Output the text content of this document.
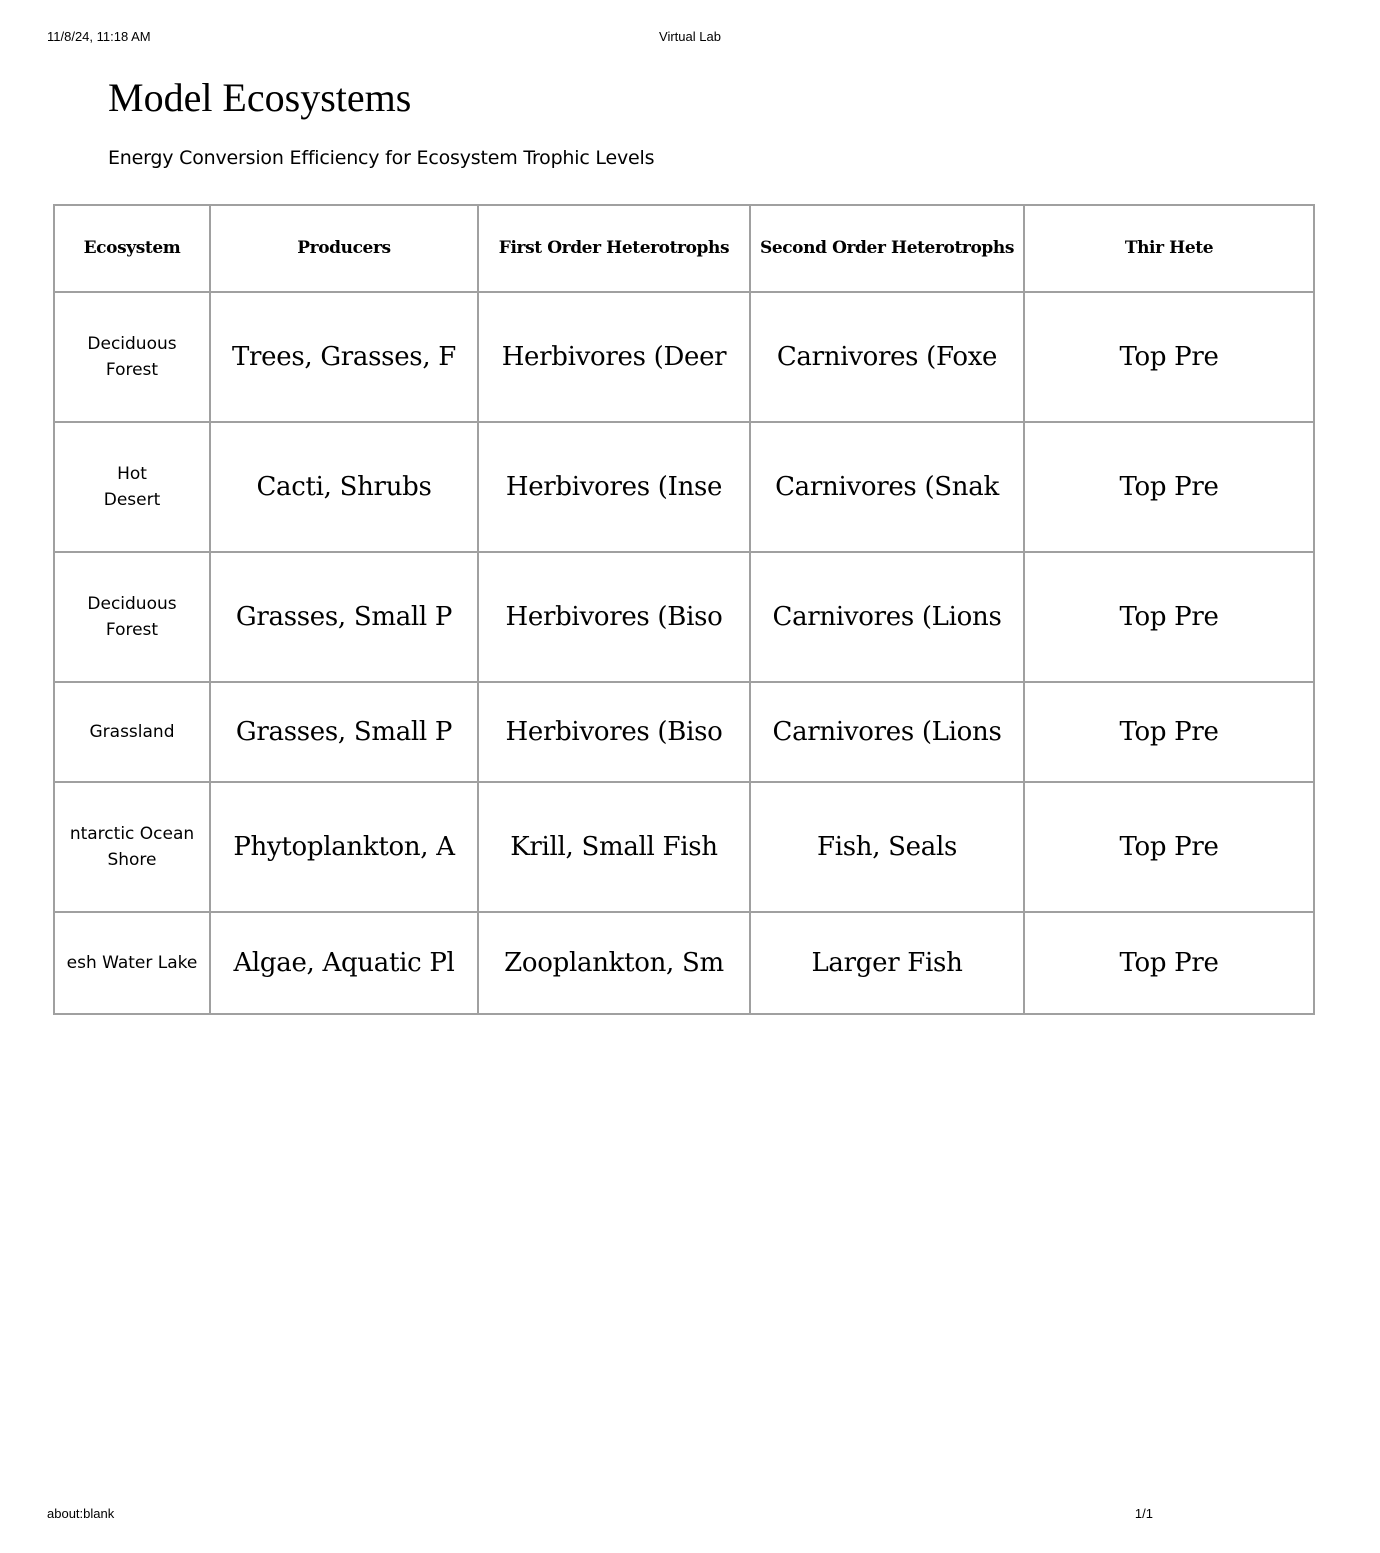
11/8/24, 11:18 AM	Virtual Lab
Model Ecosystems

Energy Conversion Efficiency for Ecosystem Trophic Levels

Ecosystem	Producers	First Order Heterotrophs	Second Order Heterotrophs	Thir Hete
Deciduous Forest	Trees, Grasses, F	Herbivores (Deer	Carnivores (Foxe	Top Pre
Hot Desert	Cacti, Shrubs	Herbivores (Inse	Carnivores (Snak	Top Pre
Deciduous Forest	Grasses, Small P	Herbivores (Biso	Carnivores (Lions	Top Pre
Grassland	Grasses, Small P	Herbivores (Biso	Carnivores (Lions	Top Pre
ntarctic Ocean Shore	Phytoplankton, A	Krill, Small Fish	Fish, Seals	Top Pre
esh Water Lake	Algae, Aquatic Pl	Zooplankton, Sm	Larger Fish	Top Pre
about:blank	1/1
